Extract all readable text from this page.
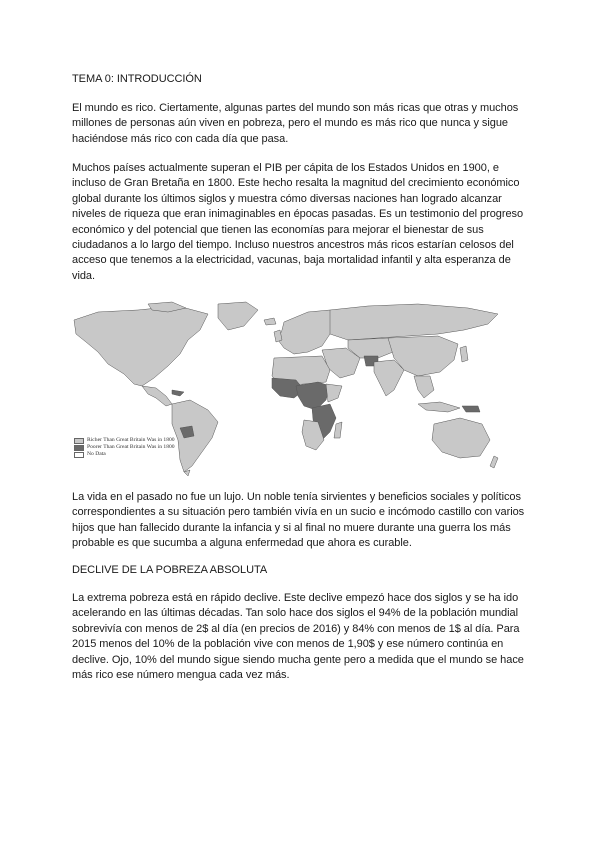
TEMA 0: INTRODUCCIÓN

El mundo es rico. Ciertamente, algunas partes del mundo son más ricas que otras y muchos millones de personas aún viven en pobreza, pero el mundo es más rico que nunca y sigue haciéndose más rico con cada día que pasa.

Muchos países actualmente superan el PIB per cápita de los Estados Unidos en 1900, e incluso de Gran Bretaña en 1800. Este hecho resalta la magnitud del crecimiento económico global durante los últimos siglos y muestra cómo diversas naciones han logrado alcanzar niveles de riqueza que eran inimaginables en épocas pasadas. Es un testimonio del progreso económico y del potencial que tienen las economías para mejorar el bienestar de sus ciudadanos a lo largo del tiempo. Incluso nuestros ancestros más ricos estarían celosos del acceso que tenemos a la electricidad, vacunas, baja mortalidad infantil y alta esperanza de vida.

Richer Than Great Britain Was in 1800
Poorer Than Great Britain Was in 1800
No Data

La vida en el pasado no fue un lujo. Un noble tenía sirvientes y beneficios sociales y políticos correspondientes a su situación pero también vivía en un sucio e incómodo castillo con varios hijos que han fallecido durante la infancia y si al final no muere durante una guerra los más probable es que sucumba a alguna enfermedad que ahora es curable.

DECLIVE DE LA POBREZA ABSOLUTA

La extrema pobreza está en rápido declive. Este declive empezó hace dos siglos y se ha ido acelerando en las últimas décadas. Tan solo hace dos siglos el 94% de la población mundial sobrevivía con menos de 2$ al día (en precios de 2016) y 84% con menos de 1$ al día. Para 2015 menos del 10% de la población vive con menos de 1,90$ y ese número continúa en declive. Ojo, 10% del mundo sigue siendo mucha gente pero a medida que el mundo se hace más rico ese número mengua cada vez más.
